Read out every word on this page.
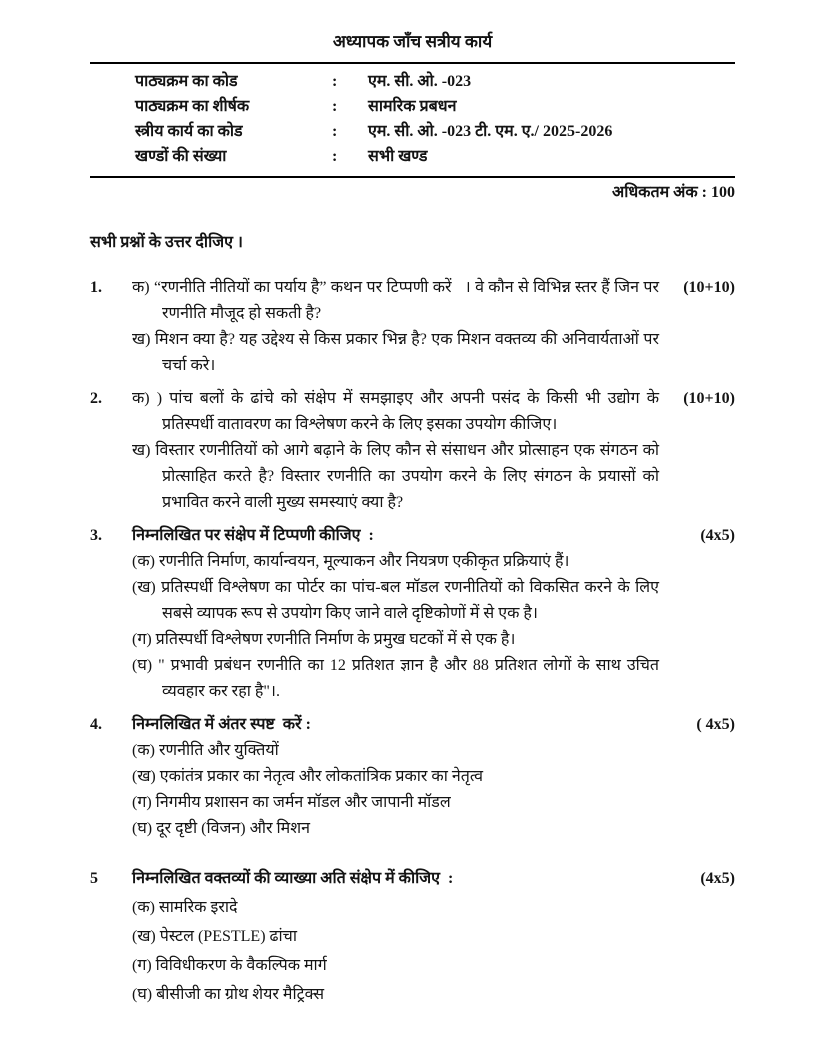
अध्यापक जाँच सत्रीय कार्य
पाठ्यक्रम का कोड	:	एम. सी. ओ. -023
पाठ्यक्रम का शीर्षक	:	सामरिक प्रबधन
स्त्रीय कार्य का कोड	:	एम. सी. ओ. -023 टी. एम. ए./ 2025-2026
खण्डों की संख्या	:	सभी खण्ड
अधिकतम अंक : 100
सभी प्रश्नों के उत्तर दीजिए ।
1.	क) “रणनीति नीतियों का पर्याय है” कथन पर टिप्पणी करें   । वे कौन से विभिन्न स्तर हैं जिन पर रणनीति मौजूद हो सकती है?
ख) मिशन क्या है? यह उद्देश्य से किस प्रकार भिन्न है? एक मिशन वक्तव्य की अनिवार्यताओं पर चर्चा करे।
(10+10)
2.	क) ) पांच बलों के ढांचे को संक्षेप में समझाइए और अपनी पसंद के किसी भी उद्योग के प्रतिस्पर्धी वातावरण का विश्लेषण करने के लिए इसका उपयोग कीजिए।
ख) विस्तार रणनीतियों को आगे बढ़ाने के लिए कौन से संसाधन और प्रोत्साहन एक संगठन को प्रोत्साहित करते है? विस्तार रणनीति का उपयोग करने के लिए संगठन के प्रयासों को प्रभावित करने वाली मुख्य समस्याएं क्या है?
(10+10)
3.	निम्नलिखित पर संक्षेप में टिप्पणी कीजिए  :
(क) रणनीति निर्माण, कार्यान्वयन, मूल्याकन और नियत्रण एकीकृत प्रक्रियाएं हैं।
(ख) प्रतिस्पर्धी विश्लेषण का पोर्टर का पांच-बल मॉडल रणनीतियों को विकसित करने के लिए सबसे व्यापक रूप से उपयोग किए जाने वाले दृष्टिकोणों में से एक है।
(ग) प्रतिस्पर्धी विश्लेषण रणनीति निर्माण के प्रमुख घटकों में से एक है।
(घ) " प्रभावी प्रबंधन रणनीति का 12 प्रतिशत ज्ञान है और 88 प्रतिशत लोगों के साथ उचित व्यवहार कर रहा है"।.
(4x5)
4.	निम्नलिखित में अंतर स्पष्ट  करें :
(क) रणनीति और युक्तियों
(ख) एकांतंत्र प्रकार का नेतृत्व और लोकतांत्रिक प्रकार का नेतृत्व
(ग) निगमीय प्रशासन का जर्मन मॉडल और जापानी मॉडल
(घ) दूर दृष्टी (विजन) और मिशन
( 4x5)
5	निम्नलिखित वक्तव्यों की व्याख्या अति संक्षेप में कीजिए  :
(क) सामरिक इरादे
(ख) पेस्टल (PESTLE) ढांचा
(ग) विविधीकरण के वैकल्पिक मार्ग
(घ) बीसीजी का ग्रोथ शेयर मैट्रिक्स
(4x5)
